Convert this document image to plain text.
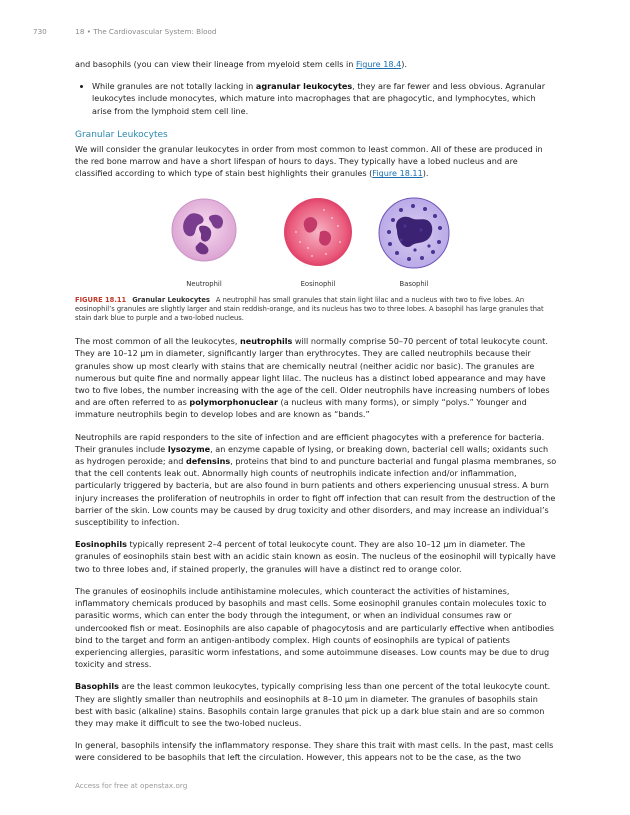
730	18 • The Cardiovascular System: Blood

and basophils (you can view their lineage from myeloid stem cells in Figure 18.4).

• While granules are not totally lacking in agranular leukocytes, they are far fewer and less obvious. Agranular leukocytes include monocytes, which mature into macrophages that are phagocytic, and lymphocytes, which arise from the lymphoid stem cell line.
Granular Leukocytes

We will consider the granular leukocytes in order from most common to least common. All of these are produced in the red bone marrow and have a short lifespan of hours to days. They typically have a lobed nucleus and are classified according to which type of stain best highlights their granules (Figure 18.11).

Neutrophil	Eosinophil	Basophil
FIGURE 18.11 Granular Leukocytes A neutrophil has small granules that stain light lilac and a nucleus with two to five lobes. An eosinophil’s granules are slightly larger and stain reddish-orange, and its nucleus has two to three lobes. A basophil has large granules that stain dark blue to purple and a two-lobed nucleus.

The most common of all the leukocytes, neutrophils will normally comprise 50–70 percent of total leukocyte count. They are 10–12 µm in diameter, significantly larger than erythrocytes. They are called neutrophils because their granules show up most clearly with stains that are chemically neutral (neither acidic nor basic). The granules are numerous but quite fine and normally appear light lilac. The nucleus has a distinct lobed appearance and may have two to five lobes, the number increasing with the age of the cell. Older neutrophils have increasing numbers of lobes and are often referred to as polymorphonuclear (a nucleus with many forms), or simply “polys.” Younger and immature neutrophils begin to develop lobes and are known as “bands.”

Neutrophils are rapid responders to the site of infection and are efficient phagocytes with a preference for bacteria. Their granules include lysozyme, an enzyme capable of lysing, or breaking down, bacterial cell walls; oxidants such as hydrogen peroxide; and defensins, proteins that bind to and puncture bacterial and fungal plasma membranes, so that the cell contents leak out. Abnormally high counts of neutrophils indicate infection and/or inflammation, particularly triggered by bacteria, but are also found in burn patients and others experiencing unusual stress. A burn injury increases the proliferation of neutrophils in order to fight off infection that can result from the destruction of the barrier of the skin. Low counts may be caused by drug toxicity and other disorders, and may increase an individual’s susceptibility to infection.

Eosinophils typically represent 2–4 percent of total leukocyte count. They are also 10–12 µm in diameter. The granules of eosinophils stain best with an acidic stain known as eosin. The nucleus of the eosinophil will typically have two to three lobes and, if stained properly, the granules will have a distinct red to orange color.

The granules of eosinophils include antihistamine molecules, which counteract the activities of histamines, inflammatory chemicals produced by basophils and mast cells. Some eosinophil granules contain molecules toxic to parasitic worms, which can enter the body through the integument, or when an individual consumes raw or undercooked fish or meat. Eosinophils are also capable of phagocytosis and are particularly effective when antibodies bind to the target and form an antigen-antibody complex. High counts of eosinophils are typical of patients experiencing allergies, parasitic worm infestations, and some autoimmune diseases. Low counts may be due to drug toxicity and stress.

Basophils are the least common leukocytes, typically comprising less than one percent of the total leukocyte count. They are slightly smaller than neutrophils and eosinophils at 8–10 µm in diameter. The granules of basophils stain best with basic (alkaline) stains. Basophils contain large granules that pick up a dark blue stain and are so common they may make it difficult to see the two-lobed nucleus.

In general, basophils intensify the inflammatory response. They share this trait with mast cells. In the past, mast cells were considered to be basophils that left the circulation. However, this appears not to be the case, as the two

Access for free at openstax.org
